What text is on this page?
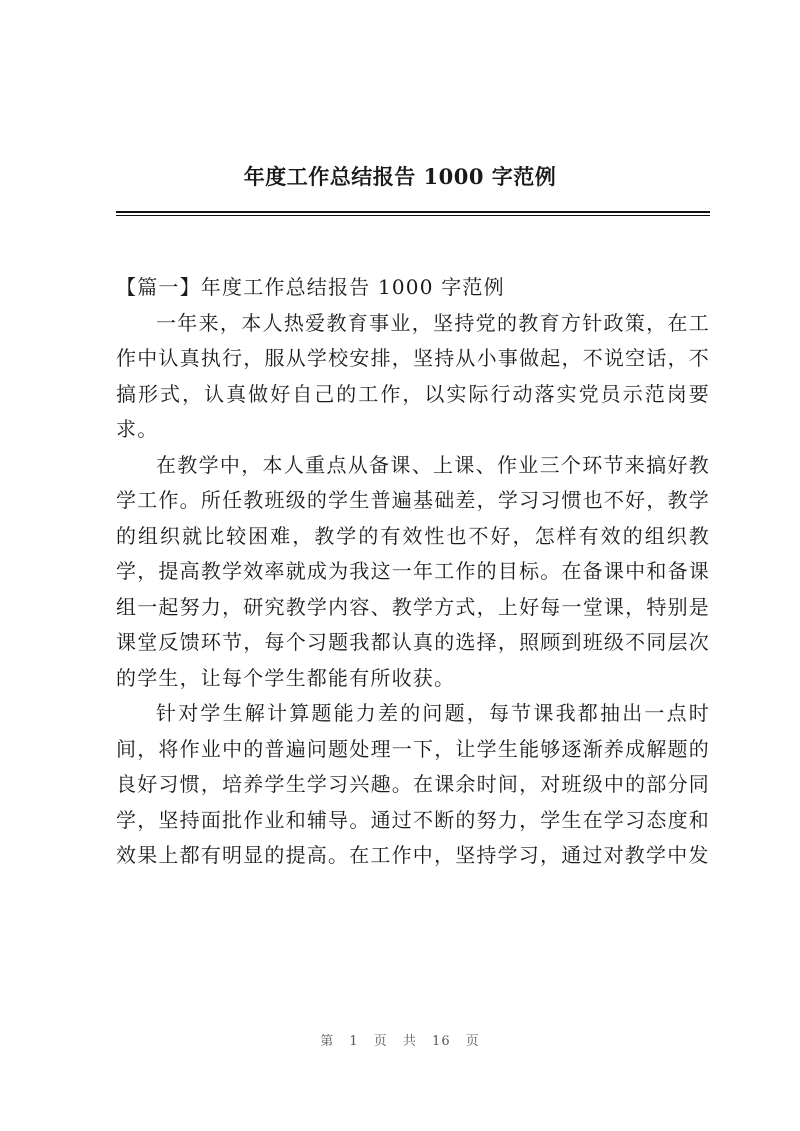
年度工作总结报告 1000 字范例

【篇一】年度工作总结报告 1000 字范例

一年来，本人热爱教育事业，坚持党的教育方针政策，在工作中认真执行，服从学校安排，坚持从小事做起，不说空话，不搞形式，认真做好自己的工作，以实际行动落实党员示范岗要求。

在教学中，本人重点从备课、上课、作业三个环节来搞好教学工作。所任教班级的学生普遍基础差，学习习惯也不好，教学的组织就比较困难，教学的有效性也不好，怎样有效的组织教学，提高教学效率就成为我这一年工作的目标。在备课中和备课组一起努力，研究教学内容、教学方式，上好每一堂课，特别是课堂反馈环节，每个习题我都认真的选择，照顾到班级不同层次的学生，让每个学生都能有所收获。

针对学生解计算题能力差的问题，每节课我都抽出一点时间，将作业中的普遍问题处理一下，让学生能够逐渐养成解题的良好习惯，培养学生学习兴趣。在课余时间，对班级中的部分同学，坚持面批作业和辅导。通过不断的努力，学生在学习态度和效果上都有明显的提高。在工作中，坚持学习，通过对教学中发

第 1 页 共 16 页
